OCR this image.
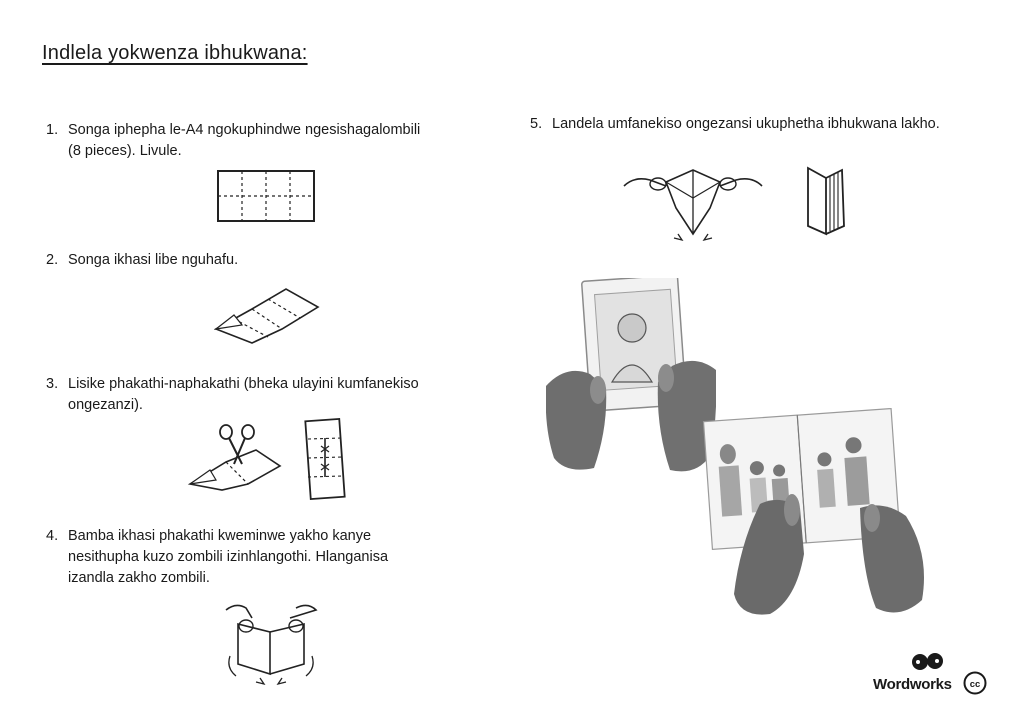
Indlela yokwenza ibhukwana:
1. Songa iphepha le-A4 ngokuphindwe ngesishagalombili
(8 pieces). Livule.
2. Songa ikhasi libe nguhafu.
3. Lisike phakathi-naphakathi (bheka ulayini kumfanekiso
ongezanzi).
4. Bamba ikhasi phakathi kweminwe yakho kanye
nesithupha kuzo zombili izinhlangothi. Hlanganisa
izandla zakho zombili.
5. Landela umfanekiso ongezansi ukuphetha ibhukwana lakho.
Wordworks cc
